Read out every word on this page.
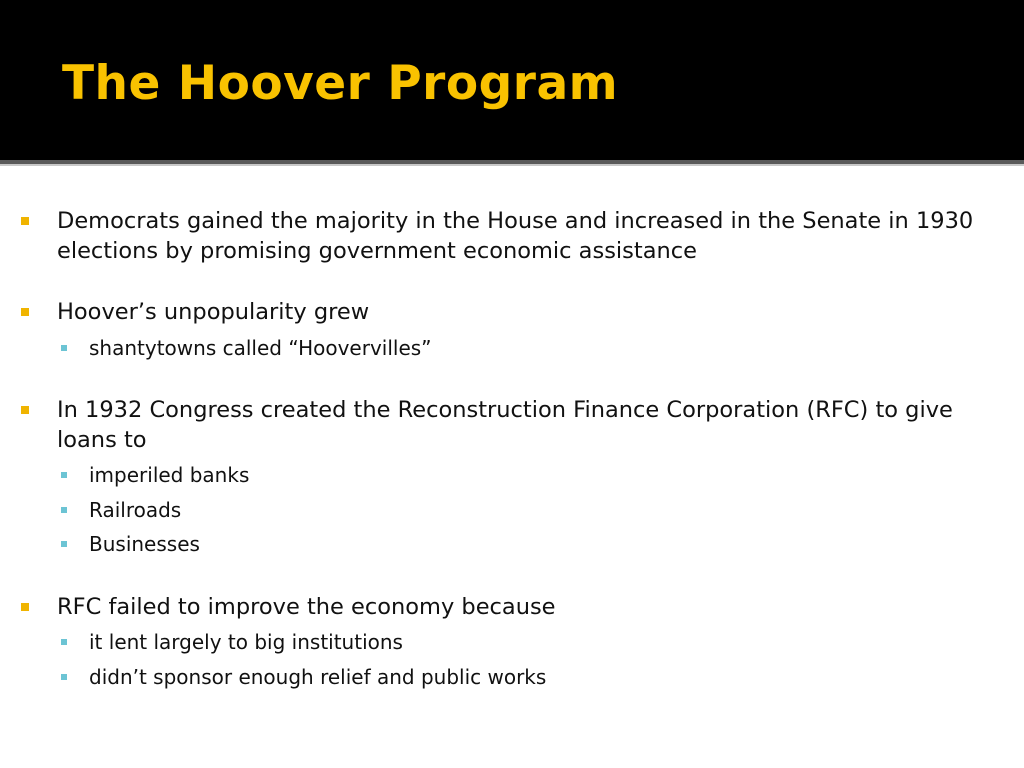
The Hoover Program
Democrats gained the majority in the House and increased in the Senate in 1930 elections by promising government economic assistance
Hoover’s unpopularity grew
shantytowns called “Hoovervilles”
In 1932 Congress created the Reconstruction Finance Corporation (RFC) to give loans to
imperiled banks
Railroads
Businesses
RFC failed to improve the economy because
it lent largely to big institutions
didn’t sponsor enough relief and public works
